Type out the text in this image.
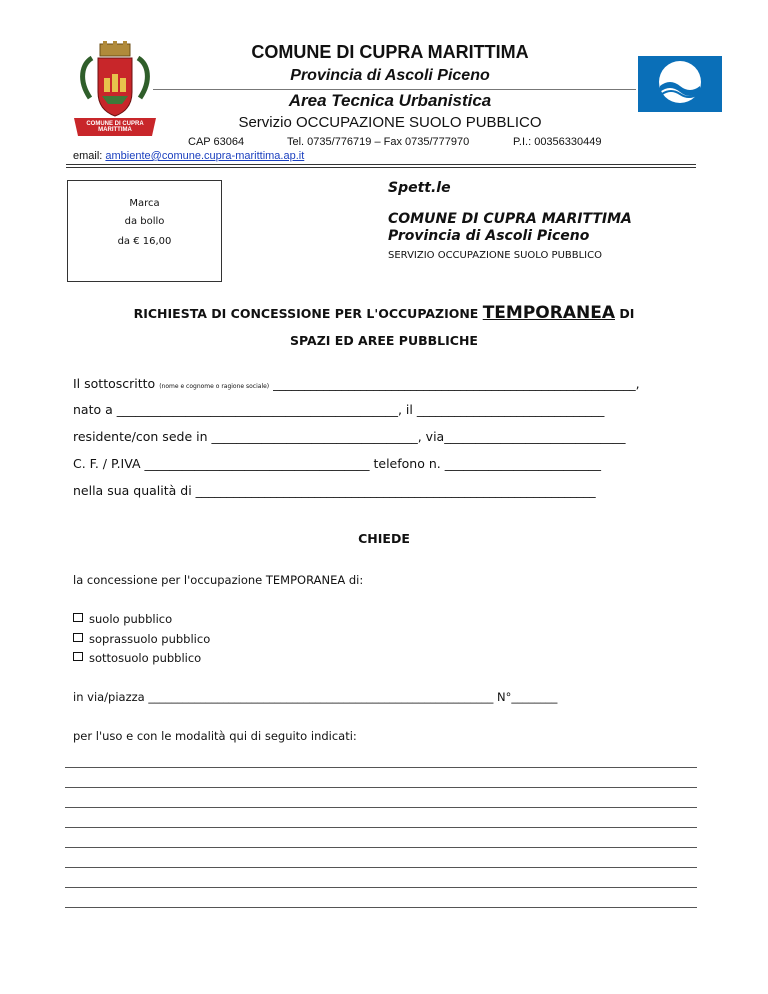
COMUNE DI CUPRA MARITTIMA
COMUNE DI CUPRA MARITTIMA
Provincia di Ascoli Piceno
Area Tecnica Urbanistica
Servizio OCCUPAZIONE SUOLO PUBBLICO
CAP 63064	Tel. 0735/776719 – Fax 0735/777970	P.I.: 00356330449
email: ambiente@comune.cupra-marittima.ap.it
Marca
da bollo
da € 16,00
Spett.le
COMUNE DI CUPRA MARITTIMA
Provincia di Ascoli Piceno
SERVIZIO OCCUPAZIONE SUOLO PUBBLICO
RICHIESTA DI CONCESSIONE PER L'OCCUPAZIONE TEMPORANEA DI
SPAZI ED AREE PUBBLICHE
Il sottoscritto (nome e cognome o ragione sociale) __________________________________________________________,
nato a _____________________________________________, il ______________________________
residente/con sede in _________________________________, via_____________________________
C. F. / P.IVA ____________________________________ telefono n. _________________________
nella sua qualità di ________________________________________________________________
CHIEDE
la concessione per l'occupazione TEMPORANEA di:
suolo pubblico
soprassuolo pubblico
sottosuolo pubblico
in via/piazza ____________________________________________________________ N°________
per l'uso e con le modalità qui di seguito indicati:
